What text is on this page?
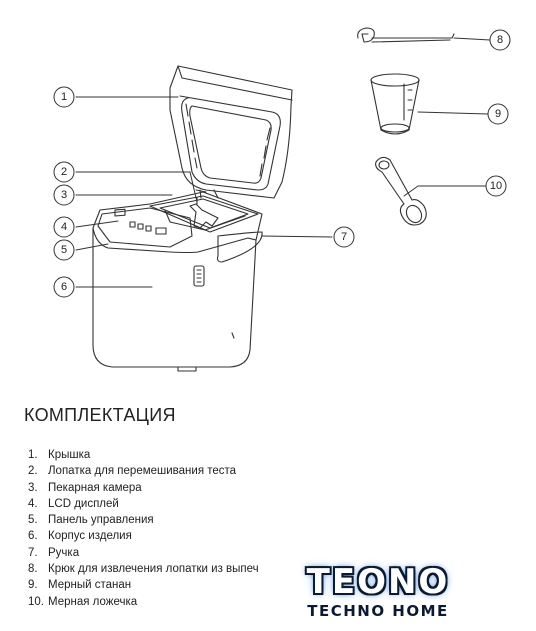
1
2
3
4
5
6
7
8
9
10
КОМПЛЕКТАЦИЯ
1. Крышка
2. Лопатка для перемешивания теста
3. Пекарная камера
4. LCD дисплей
5. Панель управления
6. Корпус изделия
7. Ручка
8. Крюк для извлечения лопатки из выпеч
9. Мерный станан
10. Мерная ложечка	TEONO
TECHNO HOME
